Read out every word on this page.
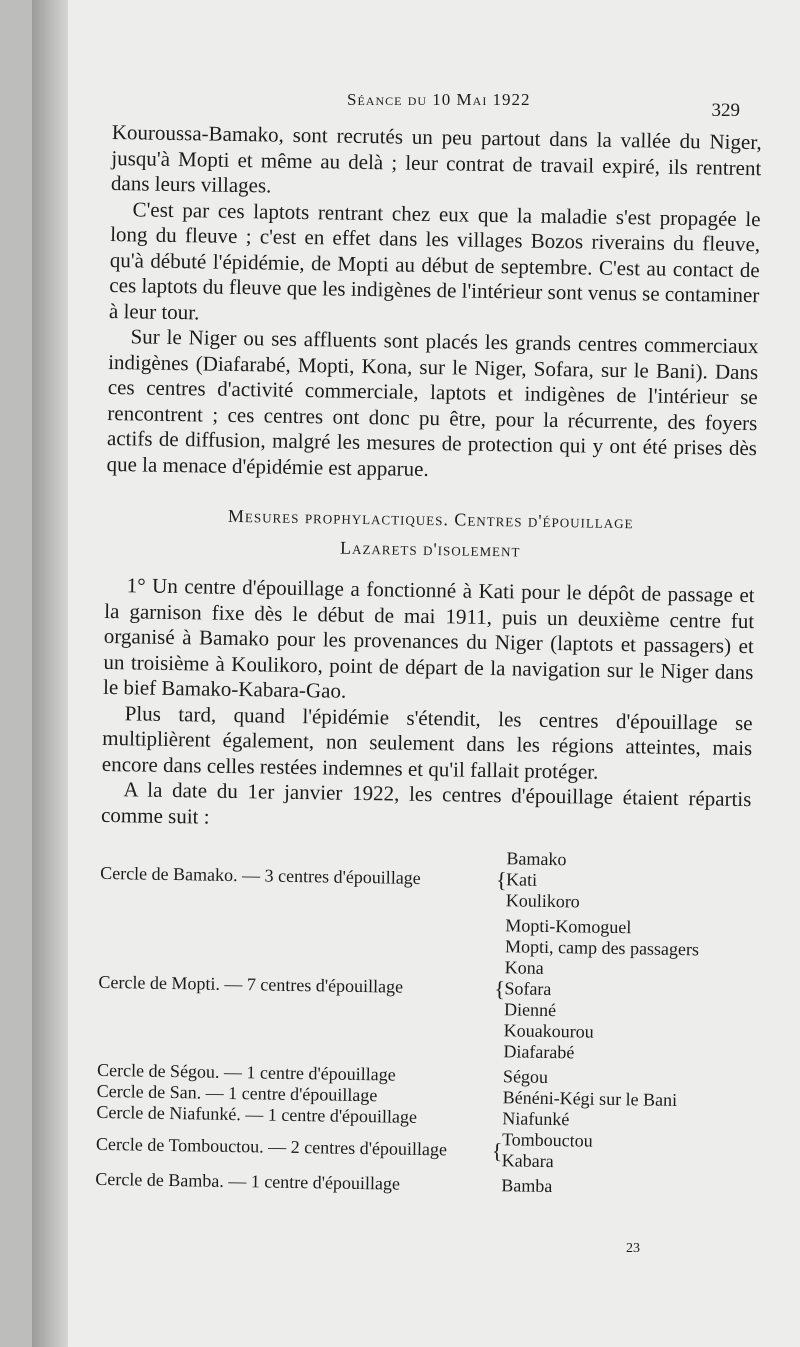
Séance du 10 Mai 1922
329

Kouroussa-Bamako, sont recrutés un peu partout dans la vallée du Niger, jusqu'à Mopti et même au delà ; leur contrat de travail expiré, ils rentrent dans leurs villages.

C'est par ces laptots rentrant chez eux que la maladie s'est propagée le long du fleuve ; c'est en effet dans les villages Bozos riverains du fleuve, qu'à débuté l'épidémie, de Mopti au début de septembre. C'est au contact de ces laptots du fleuve que les indigènes de l'intérieur sont venus se contaminer à leur tour.

Sur le Niger ou ses affluents sont placés les grands centres commerciaux indigènes (Diafarabé, Mopti, Kona, sur le Niger, Sofara, sur le Bani). Dans ces centres d'activité commerciale, laptots et indigènes de l'intérieur se rencontrent ; ces centres ont donc pu être, pour la récurrente, des foyers actifs de diffusion, malgré les mesures de protection qui y ont été prises dès que la menace d'épidémie est apparue.

Mesures prophylactiques. Centres d'épouillage
Lazarets d'isolement

1° Un centre d'épouillage a fonctionné à Kati pour le dépôt de passage et la garnison fixe dès le début de mai 1911, puis un deuxième centre fut organisé à Bamako pour les provenances du Niger (laptots et passagers) et un troisième à Koulikoro, point de départ de la navigation sur le Niger dans le bief Bamako-Kabara-Gao.

Plus tard, quand l'épidémie s'étendit, les centres d'épouillage se multiplièrent également, non seulement dans les régions atteintes, mais encore dans celles restées indemnes et qu'il fallait protéger.

A la date du 1er janvier 1922, les centres d'épouillage étaient répartis comme suit :

Cercle de Bamako. — 3 centres d'épouillage	{
Bamako
Kati
Koulikoro
Cercle de Mopti. — 7 centres d'épouillage	{
Mopti-Komoguel
Mopti, camp des passagers
Kona
Sofara
Dienné
Kouakourou
Diafarabé
Cercle de Ségou. — 1 centre d'épouillage	Ségou
Cercle de San. — 1 centre d'épouillage	Bénéni-Kégi sur le Bani
Cercle de Niafunké. — 1 centre d'épouillage	Niafunké
Cercle de Tombouctou. — 2 centres d'épouillage	{ Tombouctou
Kabara
Cercle de Bamba. — 1 centre d'épouillage	Bamba
23
